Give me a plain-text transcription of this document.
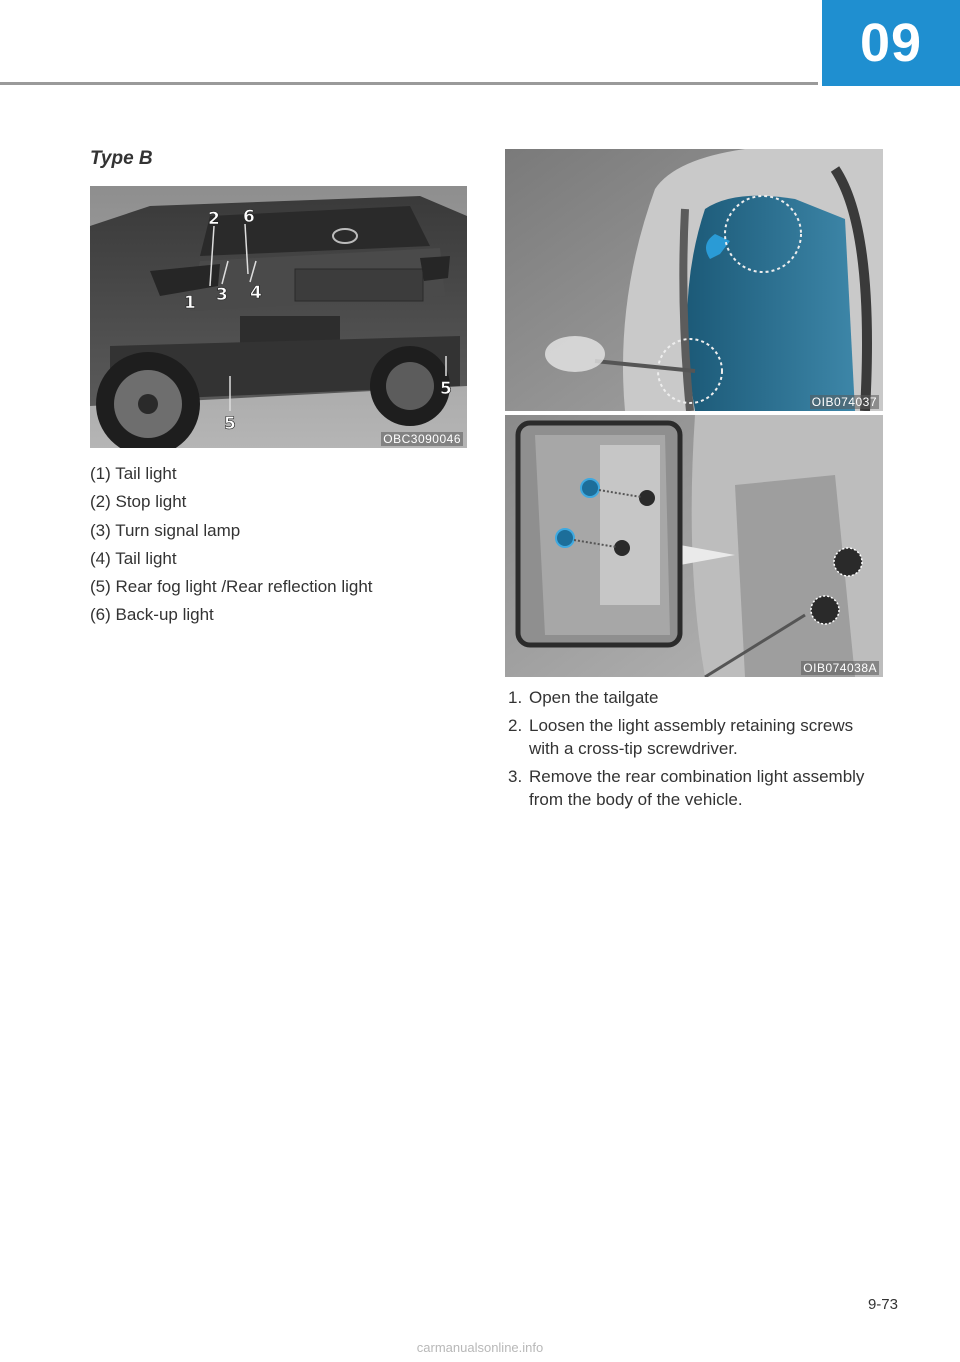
09
Type B
2 6
1 3 4
5
5
OBC3090046
(1) Tail light
(2) Stop light
(3) Turn signal lamp
(4) Tail light
(5) Rear fog light /Rear reflection light
(6) Back-up light
OIB074037
OIB074038A
1. Open the tailgate
2. Loosen the light assembly retaining screws with a cross-tip screwdriver.
3. Remove the rear combination light assembly from the body of the vehicle.
9-73
carmanualsonline.info
